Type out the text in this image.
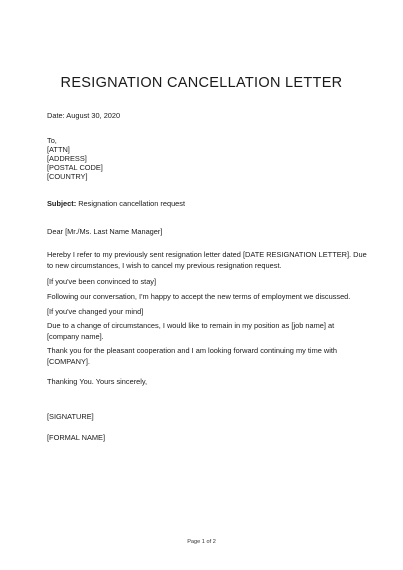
RESIGNATION CANCELLATION LETTER
Date: August 30, 2020
To,
[ATTN]
[ADDRESS]
[POSTAL CODE]
[COUNTRY]
Subject: Resignation cancellation request
Dear [Mr./Ms. Last Name Manager]
Hereby I refer to my previously sent resignation letter dated [DATE RESIGNATION LETTER]. Due to new circumstances, I wish to cancel my previous resignation request.
[If you've been convinced to stay]
Following our conversation, I'm happy to accept the new terms of employment we discussed.
[If you've changed your mind]
Due to a change of circumstances, I would like to remain in my position as [job name] at [company name].
Thank you for the pleasant cooperation and I am looking forward continuing my time with [COMPANY].
Thanking You. Yours sincerely,
[SIGNATURE]
[FORMAL NAME]
Page 1 of 2
